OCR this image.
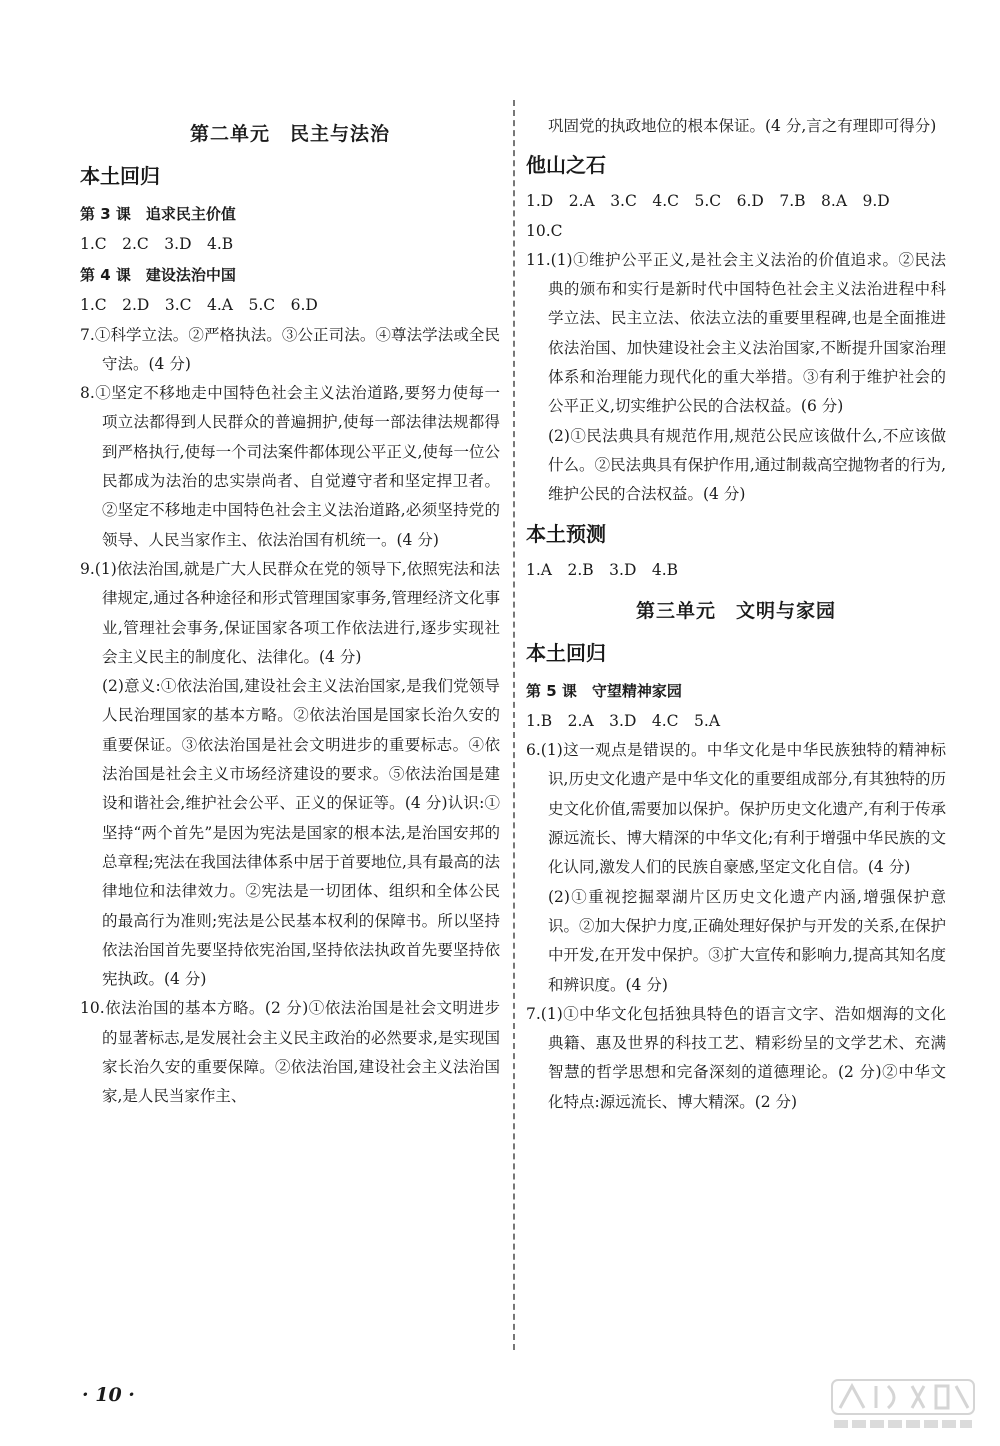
第二单元　民主与法治
本土回归
第 3 课　追求民主价值
1.C　2.C　3.D　4.B
第 4 课　建设法治中国
1.C　2.D　3.C　4.A　5.C　6.D

7.①科学立法。②严格执法。③公正司法。④尊法学法或全民守法。(4 分)

8.①坚定不移地走中国特色社会主义法治道路,要努力使每一项立法都得到人民群众的普遍拥护,使每一部法律法规都得到严格执行,使每一个司法案件都体现公平正义,使每一位公民都成为法治的忠实崇尚者、自觉遵守者和坚定捍卫者。②坚定不移地走中国特色社会主义法治道路,必须坚持党的领导、人民当家作主、依法治国有机统一。(4 分)

9.(1)依法治国,就是广大人民群众在党的领导下,依照宪法和法律规定,通过各种途径和形式管理国家事务,管理经济文化事业,管理社会事务,保证国家各项工作依法进行,逐步实现社会主义民主的制度化、法律化。(4 分)

(2)意义:①依法治国,建设社会主义法治国家,是我们党领导人民治理国家的基本方略。②依法治国是国家长治久安的重要保证。③依法治国是社会文明进步的重要标志。④依法治国是社会主义市场经济建设的要求。⑤依法治国是建设和谐社会,维护社会公平、正义的保证等。(4 分)认识:①坚持“两个首先”是因为宪法是国家的根本法,是治国安邦的总章程;宪法在我国法律体系中居于首要地位,具有最高的法律地位和法律效力。②宪法是一切团体、组织和全体公民的最高行为准则;宪法是公民基本权利的保障书。所以坚持依法治国首先要坚持依宪治国,坚持依法执政首先要坚持依宪执政。(4 分)

10.依法治国的基本方略。(2 分)①依法治国是社会文明进步的显著标志,是发展社会主义民主政治的必然要求,是实现国家长治久安的重要保障。②依法治国,建设社会主义法治国家,是人民当家作主、

巩固党的执政地位的根本保证。(4 分,言之有理即可得分)

他山之石
1.D　2.A　3.C　4.C　5.C　6.D　7.B　8.A　9.D
10.C

11.(1)①维护公平正义,是社会主义法治的价值追求。②民法典的颁布和实行是新时代中国特色社会主义法治进程中科学立法、民主立法、依法立法的重要里程碑,也是全面推进依法治国、加快建设社会主义法治国家,不断提升国家治理体系和治理能力现代化的重大举措。③有利于维护社会的公平正义,切实维护公民的合法权益。(6 分)

(2)①民法典具有规范作用,规范公民应该做什么,不应该做什么。②民法典具有保护作用,通过制裁高空抛物者的行为,维护公民的合法权益。(4 分)

本土预测
1.A　2.B　3.D　4.B
第三单元　文明与家园
本土回归
第 5 课　守望精神家园
1.B　2.A　3.D　4.C　5.A

6.(1)这一观点是错误的。中华文化是中华民族独特的精神标识,历史文化遗产是中华文化的重要组成部分,有其独特的历史文化价值,需要加以保护。保护历史文化遗产,有利于传承源远流长、博大精深的中华文化;有利于增强中华民族的文化认同,激发人们的民族自豪感,坚定文化自信。(4 分)

(2)①重视挖掘翠湖片区历史文化遗产内涵,增强保护意识。②加大保护力度,正确处理好保护与开发的关系,在保护中开发,在开发中保护。③扩大宣传和影响力,提高其知名度和辨识度。(4 分)

7.(1)①中华文化包括独具特色的语言文字、浩如烟海的文化典籍、惠及世界的科技工艺、精彩纷呈的文学艺术、充满智慧的哲学思想和完备深刻的道德理论。(2 分)②中华文化特点:源远流长、博大精深。(2 分)

· 10 ·
